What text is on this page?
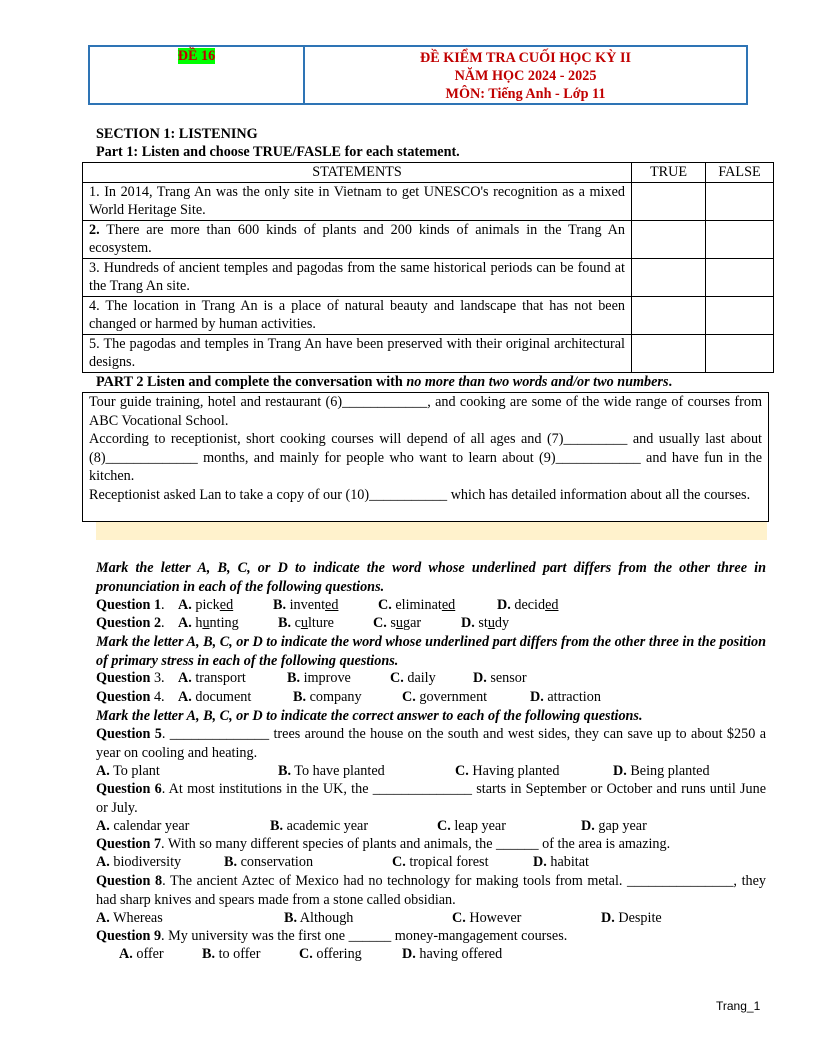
ĐỀ 16	ĐỀ KIỂM TRA CUỐI HỌC KỲ II
NĂM HỌC 2024 - 2025
MÔN: Tiếng Anh - Lớp 11
SECTION 1: LISTENING
Part 1: Listen and choose TRUE/FASLE for each statement.
STATEMENTS	TRUE	FALSE
1. In 2014, Trang An was the only site in Vietnam to get UNESCO's recognition as a mixed World Heritage Site.		
2. There are more than 600 kinds of plants and 200 kinds of animals in the Trang An ecosystem.		
3. Hundreds of ancient temples and pagodas from the same historical periods can be found at the Trang An site.		
4. The location in Trang An is a place of natural beauty and landscape that has not been changed or harmed by human activities.		
5. The pagodas and temples in Trang An have been preserved with their original architectural designs.		
PART 2 Listen and complete the conversation with no more than two words and/or two numbers.

Tour guide training, hotel and restaurant (6)____________, and cooking are some of the wide range of courses from ABC Vocational School.

According to receptionist, short cooking courses will depend of all ages and (7)_________ and usually last about (8)_____________ months, and mainly for people who want to learn about (9)____________ and have fun in the kitchen.

Receptionist asked Lan to take a copy of our (10)___________ which has detailed information about all the courses.

Mark the letter A, B, C, or D to indicate the word whose underlined part differs from the other three in pronunciation in each of the following questions.
Question 1. A. picked	B. invented	C. eliminated	D. decided
Question 2. A. hunting	B. culture	C. sugar	D. study
Mark the letter A, B, C, or D to indicate the word whose underlined part differs from the other three in the position of primary stress in each of the following questions.
Question 3. A. transport	B. improve	C. daily	D. sensor
Question 4. A. document	B. company	C. government	D. attraction
Mark the letter A, B, C, or D to indicate the correct answer to each of the following questions.
Question 5. ______________ trees around the house on the south and west sides, they can save up to about $250 a year on cooling and heating.
A. To plant	B. To have planted	C. Having planted	D. Being planted
Question 6. At most institutions in the UK, the ______________ starts in September or October and runs until June or July.
A. calendar year	B. academic year	C. leap year	D. gap year
Question 7. With so many different species of plants and animals, the ______ of the area is amazing.
A. biodiversity	B. conservation	C. tropical forest	D. habitat
Question 8. The ancient Aztec of Mexico had no technology for making tools from metal. _______________, they had sharp knives and spears made from a stone called obsidian.
A. Whereas	B. Although	C. However	D. Despite
Question 9. My university was the first one ______ money-mangagement courses.
A. offer	B. to offer	C. offering	D. having offered
Trang_1
